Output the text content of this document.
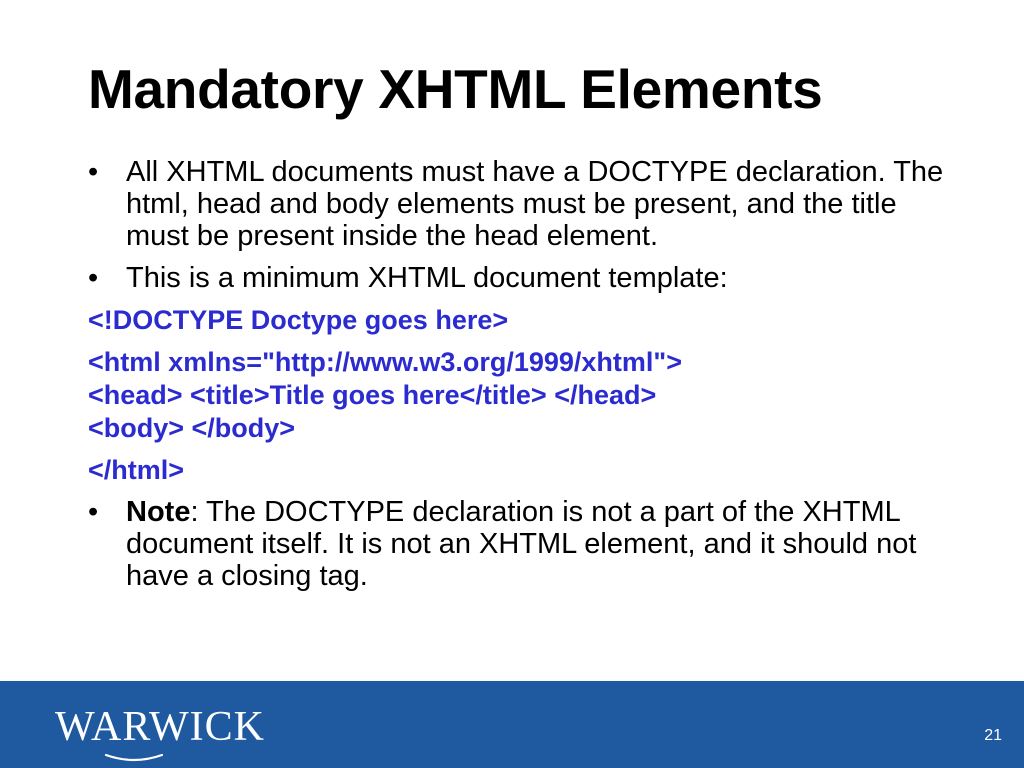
Mandatory XHTML Elements
• All XHTML documents must have a DOCTYPE declaration. The html, head and body elements must be present, and the title must be present inside the head element.
• This is a minimum XHTML document template:
<!DOCTYPE Doctype goes here>
<html xmlns="http://www.w3.org/1999/xhtml">
<head> <title>Title goes here</title> </head>
<body> </body>
</html>
• Note: The DOCTYPE declaration is not a part of the XHTML document itself. It is not an XHTML element, and it should not have a closing tag.
WARWICK	21
